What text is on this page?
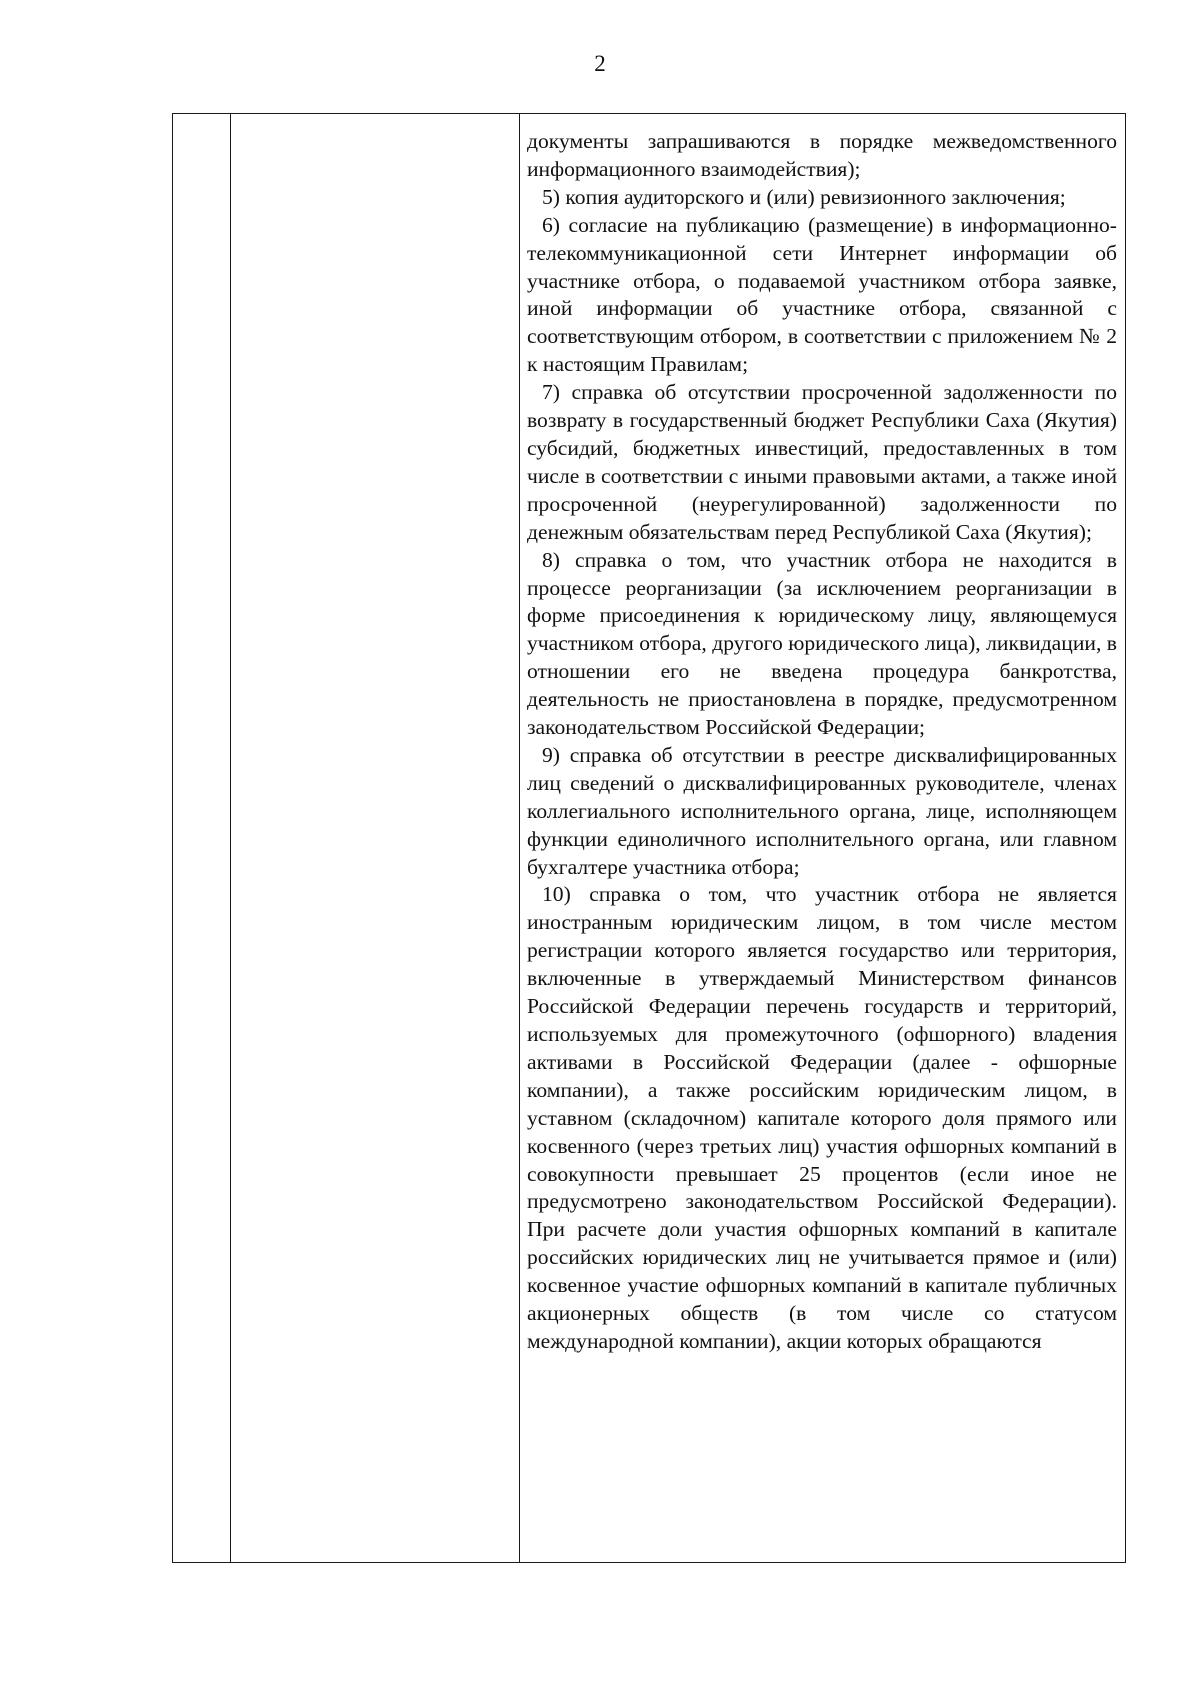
2

документы запрашиваются в порядке межведомственного информационного взаимодействия);

5) копия аудиторского и (или) ревизионного заключения;

6) согласие на публикацию (размещение) в информационно-телекоммуникационной сети Интернет информации об участнике отбора, о подаваемой участником отбора заявке, иной информации об участнике отбора, связанной с соответствующим отбором, в соответствии с приложением № 2 к настоящим Правилам;

7) справка об отсутствии просроченной задолженности по возврату в государственный бюджет Республики Саха (Якутия) субсидий, бюджетных инвестиций, предоставленных в том числе в соответствии с иными правовыми актами, а также иной просроченной (неурегулированной) задолженности по денежным обязательствам перед Республикой Саха (Якутия);

8) справка о том, что участник отбора не находится в процессе реорганизации (за исключением реорганизации в форме присоединения к юридическому лицу, являющемуся участником отбора, другого юридического лица), ликвидации, в отношении его не введена процедура банкротства, деятельность не приостановлена в порядке, предусмотренном законодательством Российской Федерации;

9) справка об отсутствии в реестре дисквалифицированных лиц сведений о дисквалифицированных руководителе, членах коллегиального исполнительного органа, лице, исполняющем функции единоличного исполнительного органа, или главном бухгалтере участника отбора;

10) справка о том, что участник отбора не является иностранным юридическим лицом, в том числе местом регистрации которого является государство или территория, включенные в утверждаемый Министерством финансов Российской Федерации перечень государств и территорий, используемых для промежуточного (офшорного) владения активами в Российской Федерации (далее - офшорные компании), а также российским юридическим лицом, в уставном (складочном) капитале которого доля прямого или косвенного (через третьих лиц) участия офшорных компаний в совокупности превышает 25 процентов (если иное не предусмотрено законодательством Российской Федерации). При расчете доли участия офшорных компаний в капитале российских юридических лиц не учитывается прямое и (или) косвенное участие офшорных компаний в капитале публичных акционерных обществ (в том числе со статусом международной компании), акции которых обращаются
